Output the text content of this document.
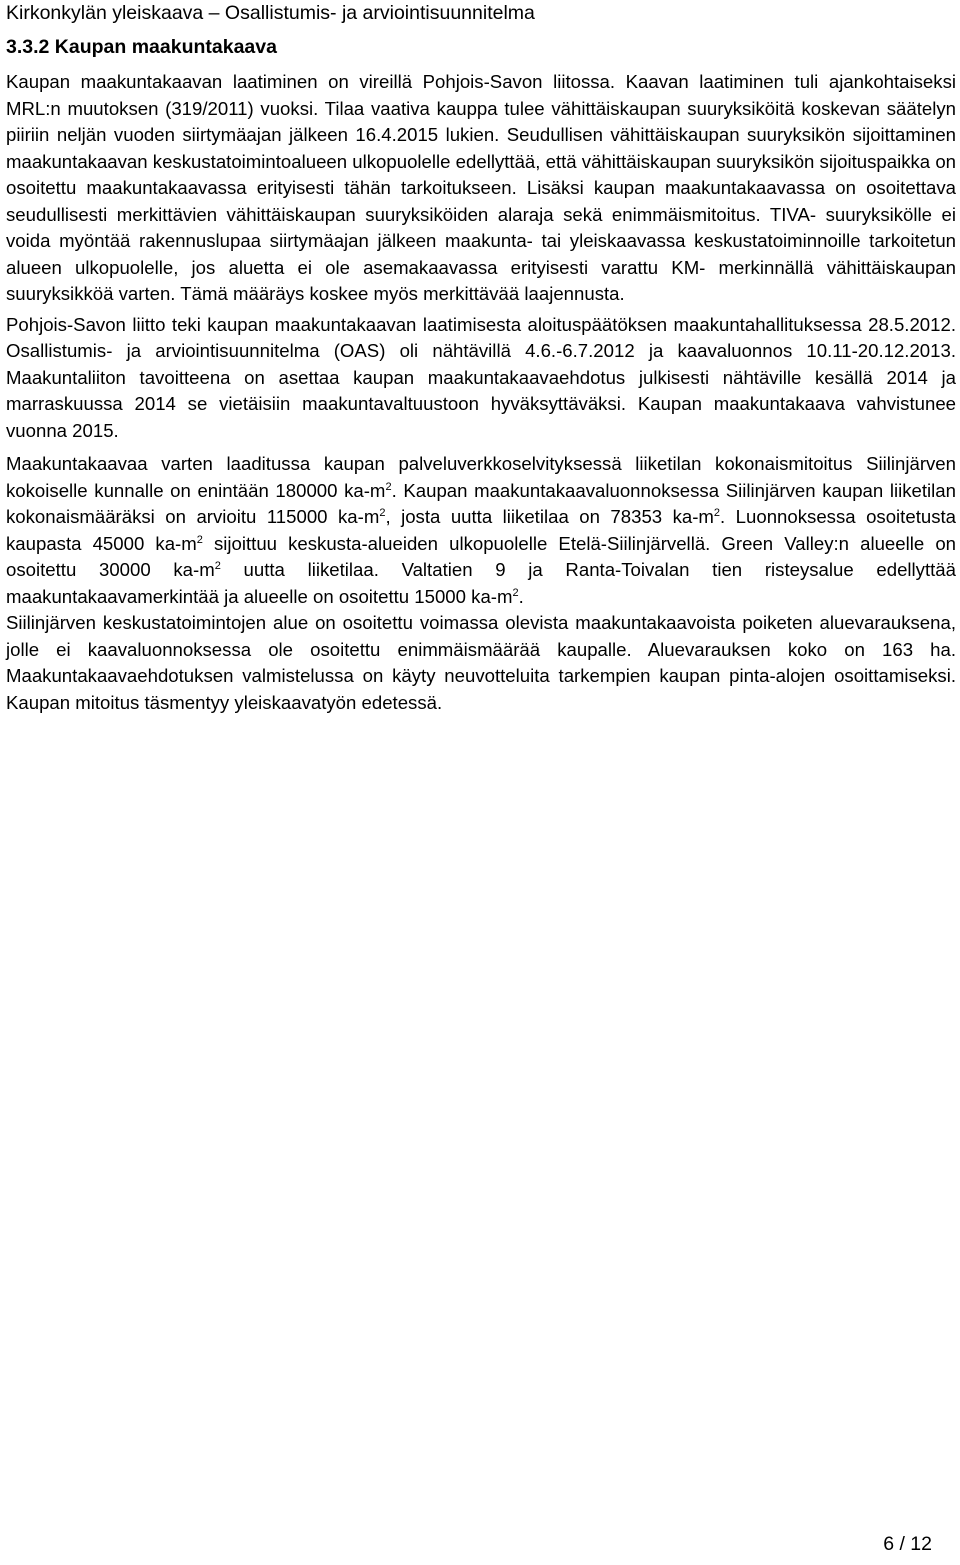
Kirkonkylän yleiskaava – Osallistumis- ja arviointisuunnitelma
3.3.2 Kaupan maakuntakaava

Kaupan maakuntakaavan laatiminen on vireillä Pohjois-Savon liitossa. Kaavan laatiminen tuli ajankohtaiseksi MRL:n muutoksen (319/2011) vuoksi. Tilaa vaativa kauppa tulee vähittäiskaupan suuryksiköitä koskevan säätelyn piiriin neljän vuoden siirtymäajan jälkeen 16.4.2015 lukien. Seudullisen vähittäiskaupan suuryksikön sijoittaminen maakuntakaavan keskustatoimintoalueen ulkopuolelle edellyttää, että vähittäiskaupan suuryksikön sijoituspaikka on osoitettu maakuntakaavassa erityisesti tähän tarkoitukseen. Lisäksi kaupan maakuntakaavassa on osoitettava seudullisesti merkittävien vähittäiskaupan suuryksiköiden alaraja sekä enimmäismitoitus. TIVA- suuryksikölle ei voida myöntää rakennuslupaa siirtymäajan jälkeen maakunta- tai yleiskaavassa keskustatoiminnoille tarkoitetun alueen ulkopuolelle, jos aluetta ei ole asemakaavassa erityisesti varattu KM- merkinnällä vähittäiskaupan suuryksikköä varten. Tämä määräys koskee myös merkittävää laajennusta.

Pohjois-Savon liitto teki kaupan maakuntakaavan laatimisesta aloituspäätöksen maakuntahallituksessa 28.5.2012. Osallistumis- ja arviointisuunnitelma (OAS) oli nähtävillä 4.6.-6.7.2012 ja kaavaluonnos 10.11-20.12.2013. Maakuntaliiton tavoitteena on asettaa kaupan maakuntakaavaehdotus julkisesti nähtäville kesällä 2014 ja marraskuussa 2014 se vietäisiin maakuntavaltuustoon hyväksyttäväksi. Kaupan maakuntakaava vahvistunee vuonna 2015.

Maakuntakaavaa varten laaditussa kaupan palveluverkkoselvityksessä liiketilan kokonaismitoitus Siilinjärven kokoiselle kunnalle on enintään 180000 $ka-m^2$. Kaupan maakuntakaavaluonnoksessa Siilinjärven kaupan liiketilan kokonaismääräksi on arvioitu 115000 $ka-m^2$, josta uutta liiketilaa on 78353 $ka-m^2$. Luonnoksessa osoitetusta kaupasta 45000 $ka-m^2$ sijoittuu keskusta-alueiden ulkopuolelle Etelä-Siilinjärvellä. Green Valley:n alueelle on osoitettu 30000 $ka-m^2$ uutta liiketilaa. Valtatien 9 ja Ranta-Toivalan tien risteysalue edellyttää maakuntakaavamerkintää ja alueelle on osoitettu 15000 $ka-m^2$.

Siilinjärven keskustatoimintojen alue on osoitettu voimassa olevista maakuntakaavoista poiketen aluevarauksena, jolle ei kaavaluonnoksessa ole osoitettu enimmäismäärää kaupalle. Aluevarauksen koko on 163 ha. Maakuntakaavaehdotuksen valmistelussa on käyty neuvotteluita tarkempien kaupan pinta-alojen osoittamiseksi. Kaupan mitoitus täsmentyy yleiskaavatyön edetessä.

6 / 12
